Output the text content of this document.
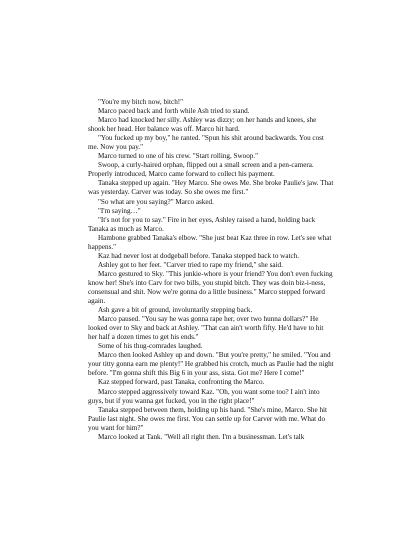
"You're my bitch now, bitch!"

Marco paced back and forth while Ash tried to stand.

Marco had knocked her silly. Ashley was dizzy; on her hands and knees, she shook her head. Her balance was off. Marco hit hard.

"You fucked up my boy," he ranted. "Spun his shit around backwards. You cost me. Now you pay."

Marco turned to one of his crew. "Start rolling, Swoop."

Swoop, a curly-haired orphan, flipped out a small screen and a pen-camera. Properly introduced, Marco came forward to collect his payment.

Tanaka stepped up again. "Hey Marco. She owes Me. She broke Paulie's jaw. That was yesterday. Carver was today. So she owes me first."

"So what are you saying?" Marco asked.

"I'm saying…"

"It's not for you to say." Fire in her eyes, Ashley raised a hand, holding back Tanaka as much as Marco.

Hambone grabbed Tanaka's elbow. "She just beat Kaz three in row. Let's see what happens."

Kaz had never lost at dodgeball before. Tanaka stepped back to watch.

Ashley got to her feet. "Carver tried to rape my friend," she said.

Marco gestured to Sky. "This junkie-whore is your friend? You don't even fucking know her! She's into Carv for two bills, you stupid bitch. They was doin biz-i-ness, consensual and shit. Now we're gonna do a little business." Marco stepped forward again.

Ash gave a bit of ground, involuntarily stepping back.

Marco paused. "You say he was gonna rape her, over two hunna dollars?" He looked over to Sky and back at Ashley. "That can ain't worth fifty. He'd have to hit her half a dozen times to get his ends."

Some of his thug-comrades laughed.

Marco then looked Ashley up and down. "But you're pretty," he smiled. "You and your titty gonna earn me plenty!" He grabbed his crotch, much as Paulie had the night before. "I'm gonna shift this Big 6 in your ass, sista. Got me? Here I come!"

Kaz stepped forward, past Tanaka, confronting the Marco.

Marco stepped aggressively toward Kaz. "Oh, you want some too? I ain't into guys, but if you wanna get fucked, you in the right place!"

Tanaka stepped between them, holding up his hand. "She's mine, Marco. She hit Paulie last night. She owes me first. You can settle up for Carver with me. What do you want for him?"

Marco looked at Tank. "Well all right then. I'm a businessman. Let's talk
